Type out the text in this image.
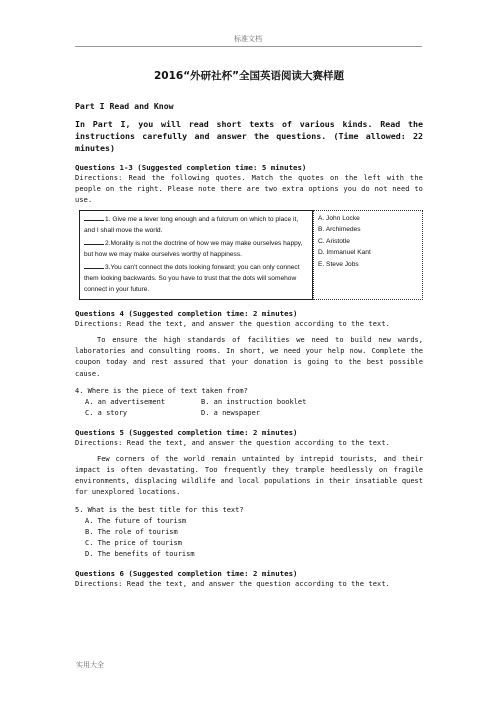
标准文档
2016“外研社杯”全国英语阅读大赛样题
Part I Read and Know
In Part I, you will read short texts of various kinds. Read the instructions carefully and answer the questions. (Time allowed: 22 minutes)
Questions 1-3 (Suggested completion time: 5 minutes)
Directions: Read the following quotes. Match the quotes on the left with the people on the right. Please note there are two extra options you do not need to use.
1. Give me a lever long enough and a fulcrum on which to place it, and I shall move the world.
2.Morality is not the doctrine of how we may make ourselves happy, but how we may make ourselves worthy of happiness.
3.You can't connect the dots looking forward; you can only connect them looking backwards. So you have to trust that the dots will somehow connect in your future.
A. John Locke
B. Archimedes
C. Aristotle
D. Immanuel Kant
E. Steve Jobs
Questions 4 (Suggested completion time: 2 minutes)
Directions: Read the text, and answer the question according to the text.
To ensure the high standards of facilities we need to build new wards, laboratories and consulting rooms. In short, we need your help now. Complete the coupon today and rest assured that your donation is going to the best possible cause.
4. Where is the piece of text taken from?
A. an advertisement	B. an instruction booklet
C. a story	D. a newspaper
Questions 5 (Suggested completion time: 2 minutes)
Directions: Read the text, and answer the question according to the text.
Few corners of the world remain untainted by intrepid tourists, and their impact is often devastating. Too frequently they trample heedlessly on fragile environments, displacing wildlife and local populations in their insatiable quest for unexplored locations.
5. What is the best title for this text?
A. The future of tourism
B. The role of tourism
C. The price of tourism
D. The benefits of tourism
Questions 6 (Suggested completion time: 2 minutes)
Directions: Read the text, and answer the question according to the text.
实用大全
